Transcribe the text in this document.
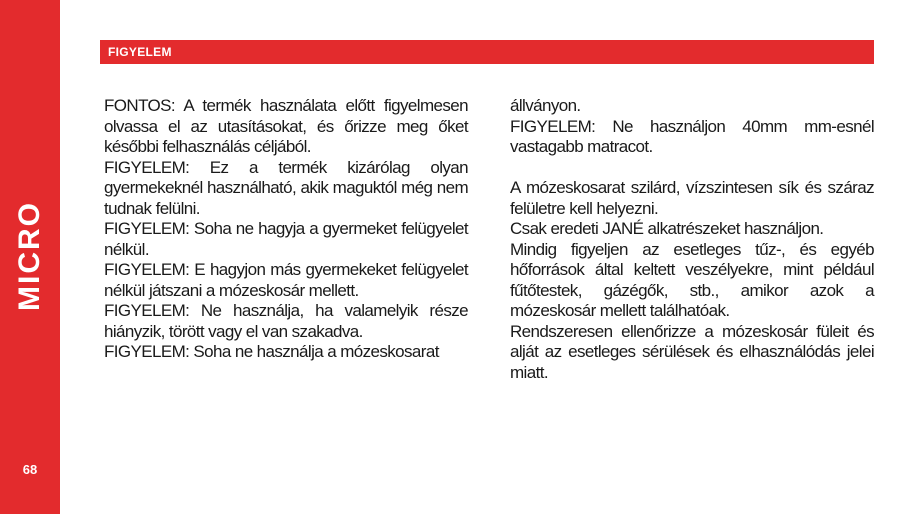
MICRO
68
FIGYELEM

FONTOS: A termék használata előtt figyelmesen olvassa el az utasításokat, és őrizze meg őket későbbi felhasználás céljából.

FIGYELEM: Ez a termék kizárólag olyan gyermekeknél használható, akik maguktól még nem tudnak felülni.

FIGYELEM: Soha ne hagyja a gyermeket felügyelet nélkül.

FIGYELEM: E hagyjon más gyermekeket felügyelet nélkül játszani a mózeskosár mellett.

FIGYELEM: Ne használja, ha valamelyik része hiányzik, törött vagy el van szakadva.

FIGYELEM: Soha ne használja a mózeskosarat

állványon.

FIGYELEM: Ne használjon 40mm mm-esnél vastagabb matracot.

A mózeskosarat szilárd, vízszintesen sík és száraz felületre kell helyezni.

Csak eredeti JANÉ alkatrészeket használjon.

Mindig figyeljen az esetleges tűz-, és egyéb hőforrások által keltett veszélyekre, mint például fűtőtestek, gázégők, stb., amikor azok a mózeskosár mellett találhatóak.

Rendszeresen ellenőrizze a mózeskosár füleit és alját az esetleges sérülések és elhasználódás jelei miatt.
